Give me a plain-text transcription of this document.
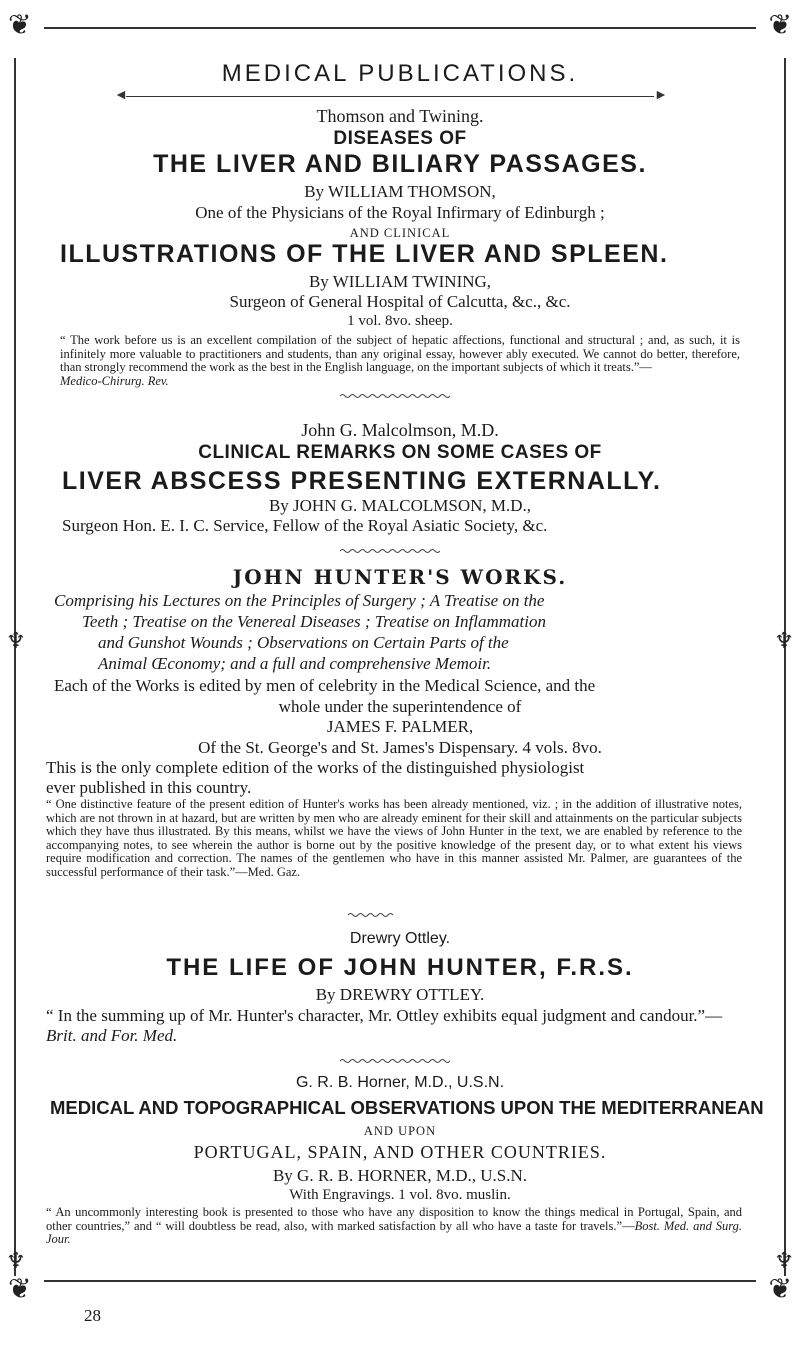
❦	❦
❦	❦
♆	♆
♆	♆
MEDICAL PUBLICATIONS.
◄	►
Thomson and Twining.
DISEASES OF
THE LIVER AND BILIARY PASSAGES.
By WILLIAM THOMSON,
One of the Physicians of the Royal Infirmary of Edinburgh ;
AND CLINICAL
ILLUSTRATIONS OF THE LIVER AND SPLEEN.
By WILLIAM TWINING,
Surgeon of General Hospital of Calcutta, &c., &c.
1 vol. 8vo. sheep.
“ The work before us is an excellent compilation of the subject of hepatic affections, functional and structural ; and, as such, it is infinitely more valuable to practitioners and students, than any original essay, however ably executed. We cannot do better, therefore, than strongly recommend the work as the best in the English language, on the important subjects of which it treats.”—
Medico-Chirurg. Rev.
John G. Malcolmson, M.D.
CLINICAL REMARKS ON SOME CASES OF
LIVER ABSCESS PRESENTING EXTERNALLY.
By JOHN G. MALCOLMSON, M.D.,
Surgeon Hon. E. I. C. Service, Fellow of the Royal Asiatic Society, &c.
JOHN HUNTER'S WORKS.
Comprising his Lectures on the Principles of Surgery ; A Treatise on the
Teeth ; Treatise on the Venereal Diseases ; Treatise on Inflammation
and Gunshot Wounds ; Observations on Certain Parts of the
Animal Œconomy; and a full and comprehensive Memoir.
Each of the Works is edited by men of celebrity in the Medical Science, and the
whole under the superintendence of
JAMES F. PALMER,
Of the St. George's and St. James's Dispensary. 4 vols. 8vo.
This is the only complete edition of the works of the distinguished physiologist
ever published in this country.
“ One distinctive feature of the present edition of Hunter's works has been already mentioned, viz. ; in the addition of illustrative notes, which are not thrown in at hazard, but are written by men who are already eminent for their skill and attainments on the particular subjects which they have thus illustrated. By this means, whilst we have the views of John Hunter in the text, we are enabled by reference to the accompanying notes, to see wherein the author is borne out by the positive knowledge of the present day, or to what extent his views require modification and correction. The names of the gentlemen who have in this manner assisted Mr. Palmer, are guarantees of the successful performance of their task.”—Med. Gaz.
Drewry Ottley.
THE LIFE OF JOHN HUNTER, F.R.S.
By DREWRY OTTLEY.
“ In the summing up of Mr. Hunter's character, Mr. Ottley exhibits equal judgment and candour.”—Brit. and For. Med.
G. R. B. Horner, M.D., U.S.N.
MEDICAL AND TOPOGRAPHICAL OBSERVATIONS UPON THE MEDITERRANEAN
AND UPON
PORTUGAL, SPAIN, AND OTHER COUNTRIES.
By G. R. B. HORNER, M.D., U.S.N.
With Engravings. 1 vol. 8vo. muslin.
“ An uncommonly interesting book is presented to those who have any disposition to know the things medical in Portugal, Spain, and other countries,” and “ will doubtless be read, also, with marked satisfaction by all who have a taste for travels.”—Bost. Med. and Surg. Jour.
28
